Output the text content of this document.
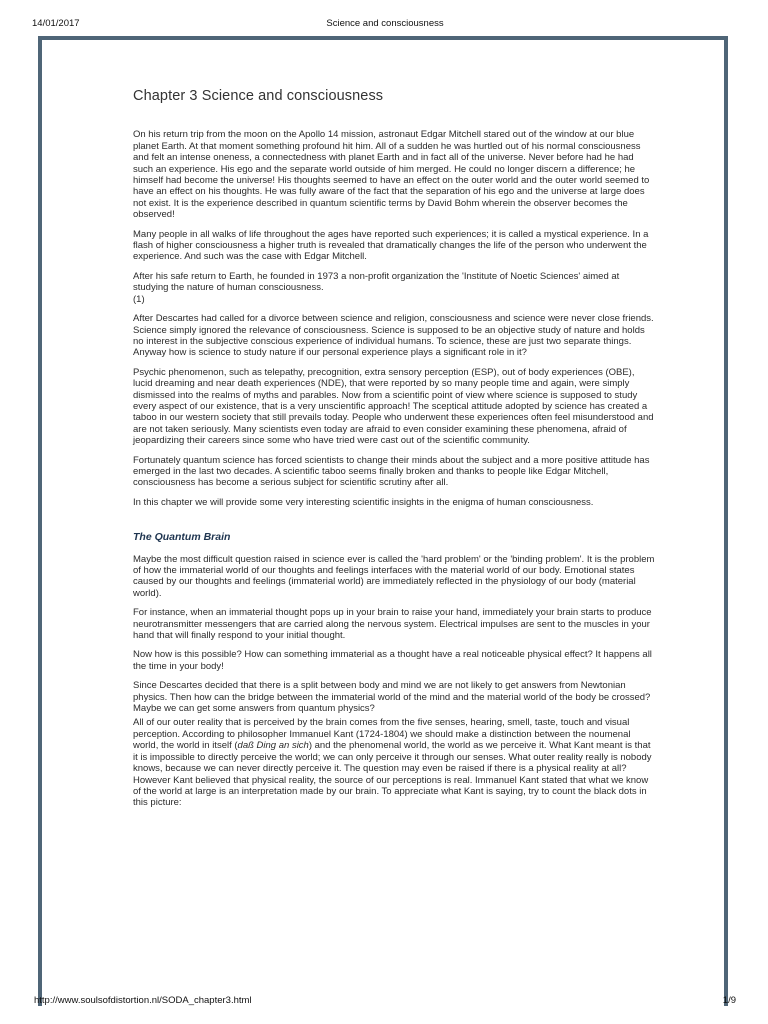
14/01/2017	Science and consciousness
Chapter 3 Science and consciousness

On his return trip from the moon on the Apollo 14 mission, astronaut Edgar Mitchell stared out of the window at our blue planet Earth. At that moment something profound hit him. All of a sudden he was hurtled out of his normal consciousness and felt an intense oneness, a connectedness with planet Earth and in fact all of the universe. Never before had he had such an experience. His ego and the separate world outside of him merged. He could no longer discern a difference; he himself had become the universe! His thoughts seemed to have an effect on the outer world and the outer world seemed to have an effect on his thoughts. He was fully aware of the fact that the separation of his ego and the universe at large does not exist. It is the experience described in quantum scientific terms by David Bohm wherein the observer becomes the observed!

Many people in all walks of life throughout the ages have reported such experiences; it is called a mystical experience. In a flash of higher consciousness a higher truth is revealed that dramatically changes the life of the person who underwent the experience. And such was the case with Edgar Mitchell.

After his safe return to Earth, he founded in 1973 a non-profit organization the 'Institute of Noetic Sciences' aimed at studying the nature of human consciousness.
(1)

After Descartes had called for a divorce between science and religion, consciousness and science were never close friends. Science simply ignored the relevance of consciousness. Science is supposed to be an objective study of nature and holds no interest in the subjective conscious experience of individual humans. To science, these are just two separate things. Anyway how is science to study nature if our personal experience plays a significant role in it?

Psychic phenomenon, such as telepathy, precognition, extra sensory perception (ESP), out of body experiences (OBE), lucid dreaming and near death experiences (NDE), that were reported by so many people time and again, were simply dismissed into the realms of myths and parables. Now from a scientific point of view where science is supposed to study every aspect of our existence, that is a very unscientific approach! The sceptical attitude adopted by science has created a taboo in our western society that still prevails today. People who underwent these experiences often feel misunderstood and are not taken seriously. Many scientists even today are afraid to even consider examining these phenomena, afraid of jeopardizing their careers since some who have tried were cast out of the scientific community.

Fortunately quantum science has forced scientists to change their minds about the subject and a more positive attitude has emerged in the last two decades. A scientific taboo seems finally broken and thanks to people like Edgar Mitchell, consciousness has become a serious subject for scientific scrutiny after all.

In this chapter we will provide some very interesting scientific insights in the enigma of human consciousness.

The Quantum Brain

Maybe the most difficult question raised in science ever is called the 'hard problem' or the 'binding problem'. It is the problem of how the immaterial world of our thoughts and feelings interfaces with the material world of our body. Emotional states caused by our thoughts and feelings (immaterial world) are immediately reflected in the physiology of our body (material world).

For instance, when an immaterial thought pops up in your brain to raise your hand, immediately your brain starts to produce neurotransmitter messengers that are carried along the nervous system. Electrical impulses are sent to the muscles in your hand that will finally respond to your initial thought.

Now how is this possible? How can something immaterial as a thought have a real noticeable physical effect? It happens all the time in your body!

Since Descartes decided that there is a split between body and mind we are not likely to get answers from Newtonian physics. Then how can the bridge between the immaterial world of the mind and the material world of the body be crossed?
Maybe we can get some answers from quantum physics?

All of our outer reality that is perceived by the brain comes from the five senses, hearing, smell, taste, touch and visual perception. According to philosopher Immanuel Kant (1724-1804) we should make a distinction between the noumenal world, the world in itself (daß Ding an sich) and the phenomenal world, the world as we perceive it. What Kant meant is that it is impossible to directly perceive the world; we can only perceive it through our senses. What outer reality really is nobody knows, because we can never directly perceive it. The question may even be raised if there is a physical reality at all? However Kant believed that physical reality, the source of our perceptions is real. Immanuel Kant stated that what we know of the world at large is an interpretation made by our brain. To appreciate what Kant is saying, try to count the black dots in this picture:

http://www.soulsofdistortion.nl/SODA_chapter3.html	1/9
